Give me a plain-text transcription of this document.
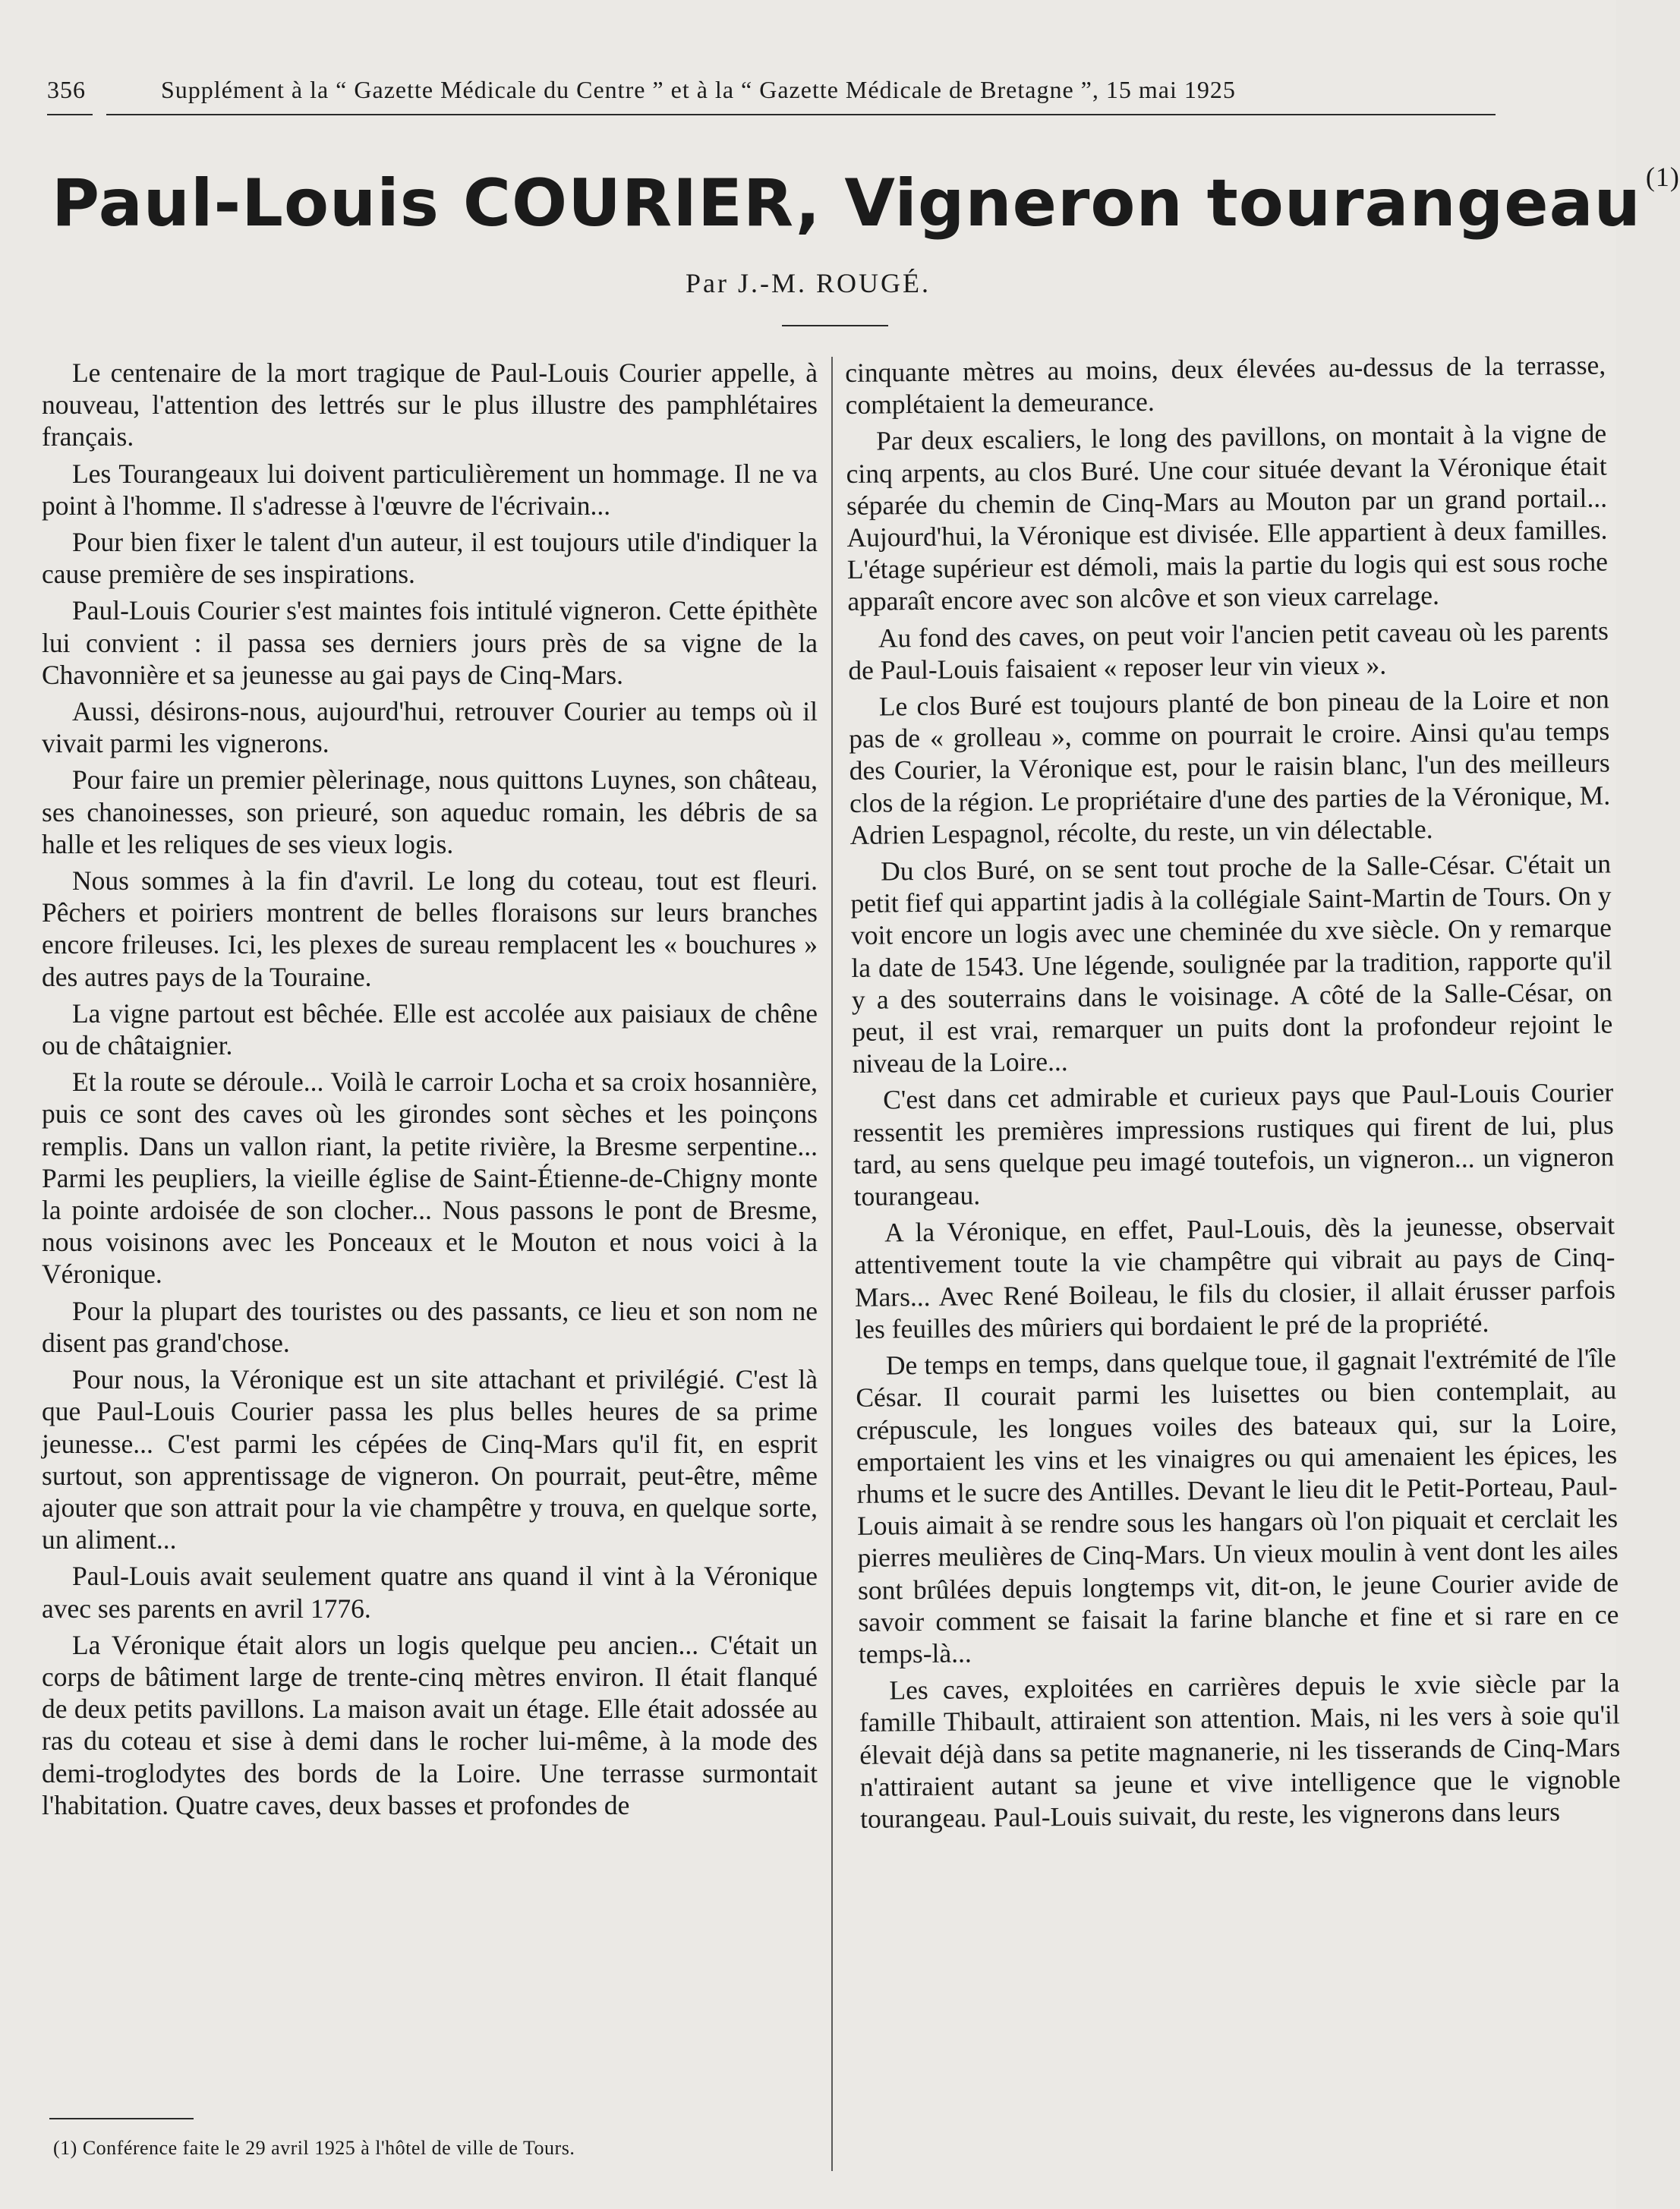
356	Supplément à la “ Gazette Médicale du Centre ” et à la “ Gazette Médicale de Bretagne ”, 15 mai 1925
Paul-Louis COURIER, Vigneron tourangeau $^{(1)}$
Par J.-M. ROUGÉ.

Le centenaire de la mort tragique de Paul-Louis Courier appelle, à nouveau, l'attention des lettrés sur le plus illustre des pamphlétaires français.

Les Tourangeaux lui doivent particulièrement un hommage. Il ne va point à l'homme. Il s'adresse à l'œuvre de l'écrivain...

Pour bien fixer le talent d'un auteur, il est toujours utile d'indiquer la cause première de ses inspirations.

Paul-Louis Courier s'est maintes fois intitulé vigneron. Cette épithète lui convient : il passa ses derniers jours près de sa vigne de la Chavonnière et sa jeunesse au gai pays de Cinq-Mars.

Aussi, désirons-nous, aujourd'hui, retrouver Courier au temps où il vivait parmi les vignerons.

Pour faire un premier pèlerinage, nous quittons Luynes, son château, ses chanoinesses, son prieuré, son aqueduc romain, les débris de sa halle et les reliques de ses vieux logis.

Nous sommes à la fin d'avril. Le long du coteau, tout est fleuri. Pêchers et poiriers montrent de belles floraisons sur leurs branches encore frileuses. Ici, les plexes de sureau remplacent les « bouchures » des autres pays de la Touraine.

La vigne partout est bêchée. Elle est accolée aux paisiaux de chêne ou de châtaignier.

Et la route se déroule... Voilà le carroir Locha et sa croix hosannière, puis ce sont des caves où les girondes sont sèches et les poinçons remplis. Dans un vallon riant, la petite rivière, la Bresme serpentine... Parmi les peupliers, la vieille église de Saint-Étienne-de-Chigny monte la pointe ardoisée de son clocher... Nous passons le pont de Bresme, nous voisinons avec les Ponceaux et le Mouton et nous voici à la Véronique.

Pour la plupart des touristes ou des passants, ce lieu et son nom ne disent pas grand'chose.

Pour nous, la Véronique est un site attachant et privilégié. C'est là que Paul-Louis Courier passa les plus belles heures de sa prime jeunesse... C'est parmi les cépées de Cinq-Mars qu'il fit, en esprit surtout, son apprentissage de vigneron. On pourrait, peut-être, même ajouter que son attrait pour la vie champêtre y trouva, en quelque sorte, un aliment...

Paul-Louis avait seulement quatre ans quand il vint à la Véronique avec ses parents en avril 1776.

La Véronique était alors un logis quelque peu ancien... C'était un corps de bâtiment large de trente-cinq mètres environ. Il était flanqué de deux petits pavillons. La maison avait un étage. Elle était adossée au ras du coteau et sise à demi dans le rocher lui-même, à la mode des demi-troglodytes des bords de la Loire. Une terrasse surmontait l'habitation. Quatre caves, deux basses et profondes de

cinquante mètres au moins, deux élevées au-dessus de la terrasse, complétaient la demeurance.

Par deux escaliers, le long des pavillons, on montait à la vigne de cinq arpents, au clos Buré. Une cour située devant la Véronique était séparée du chemin de Cinq-Mars au Mouton par un grand portail... Aujourd'hui, la Véronique est divisée. Elle appartient à deux familles. L'étage supérieur est démoli, mais la partie du logis qui est sous roche apparaît encore avec son alcôve et son vieux carrelage.

Au fond des caves, on peut voir l'ancien petit caveau où les parents de Paul-Louis faisaient « reposer leur vin vieux ».

Le clos Buré est toujours planté de bon pineau de la Loire et non pas de « grolleau », comme on pourrait le croire. Ainsi qu'au temps des Courier, la Véronique est, pour le raisin blanc, l'un des meilleurs clos de la région. Le propriétaire d'une des parties de la Véronique, M. Adrien Lespagnol, récolte, du reste, un vin délectable.

Du clos Buré, on se sent tout proche de la Salle-César. C'était un petit fief qui appartint jadis à la collégiale Saint-Martin de Tours. On y voit encore un logis avec une cheminée du xve siècle. On y remarque la date de 1543. Une légende, soulignée par la tradition, rapporte qu'il y a des souterrains dans le voisinage. A côté de la Salle-César, on peut, il est vrai, remarquer un puits dont la profondeur rejoint le niveau de la Loire...

C'est dans cet admirable et curieux pays que Paul-Louis Courier ressentit les premières impressions rustiques qui firent de lui, plus tard, au sens quelque peu imagé toutefois, un vigneron... un vigneron tourangeau.

A la Véronique, en effet, Paul-Louis, dès la jeunesse, observait attentivement toute la vie champêtre qui vibrait au pays de Cinq-Mars... Avec René Boileau, le fils du closier, il allait érusser parfois les feuilles des mûriers qui bordaient le pré de la propriété.

De temps en temps, dans quelque toue, il gagnait l'extrémité de l'île César. Il courait parmi les luisettes ou bien contemplait, au crépuscule, les longues voiles des bateaux qui, sur la Loire, emportaient les vins et les vinaigres ou qui amenaient les épices, les rhums et le sucre des Antilles. Devant le lieu dit le Petit-Porteau, Paul-Louis aimait à se rendre sous les hangars où l'on piquait et cerclait les pierres meulières de Cinq-Mars. Un vieux moulin à vent dont les ailes sont brûlées depuis longtemps vit, dit-on, le jeune Courier avide de savoir comment se faisait la farine blanche et fine et si rare en ce temps-là...

Les caves, exploitées en carrières depuis le xvie siècle par la famille Thibault, attiraient son attention. Mais, ni les vers à soie qu'il élevait déjà dans sa petite magnanerie, ni les tisserands de Cinq-Mars n'attiraient autant sa jeune et vive intelligence que le vignoble tourangeau. Paul-Louis suivait, du reste, les vignerons dans leurs

(1) Conférence faite le 29 avril 1925 à l'hôtel de ville de Tours.
